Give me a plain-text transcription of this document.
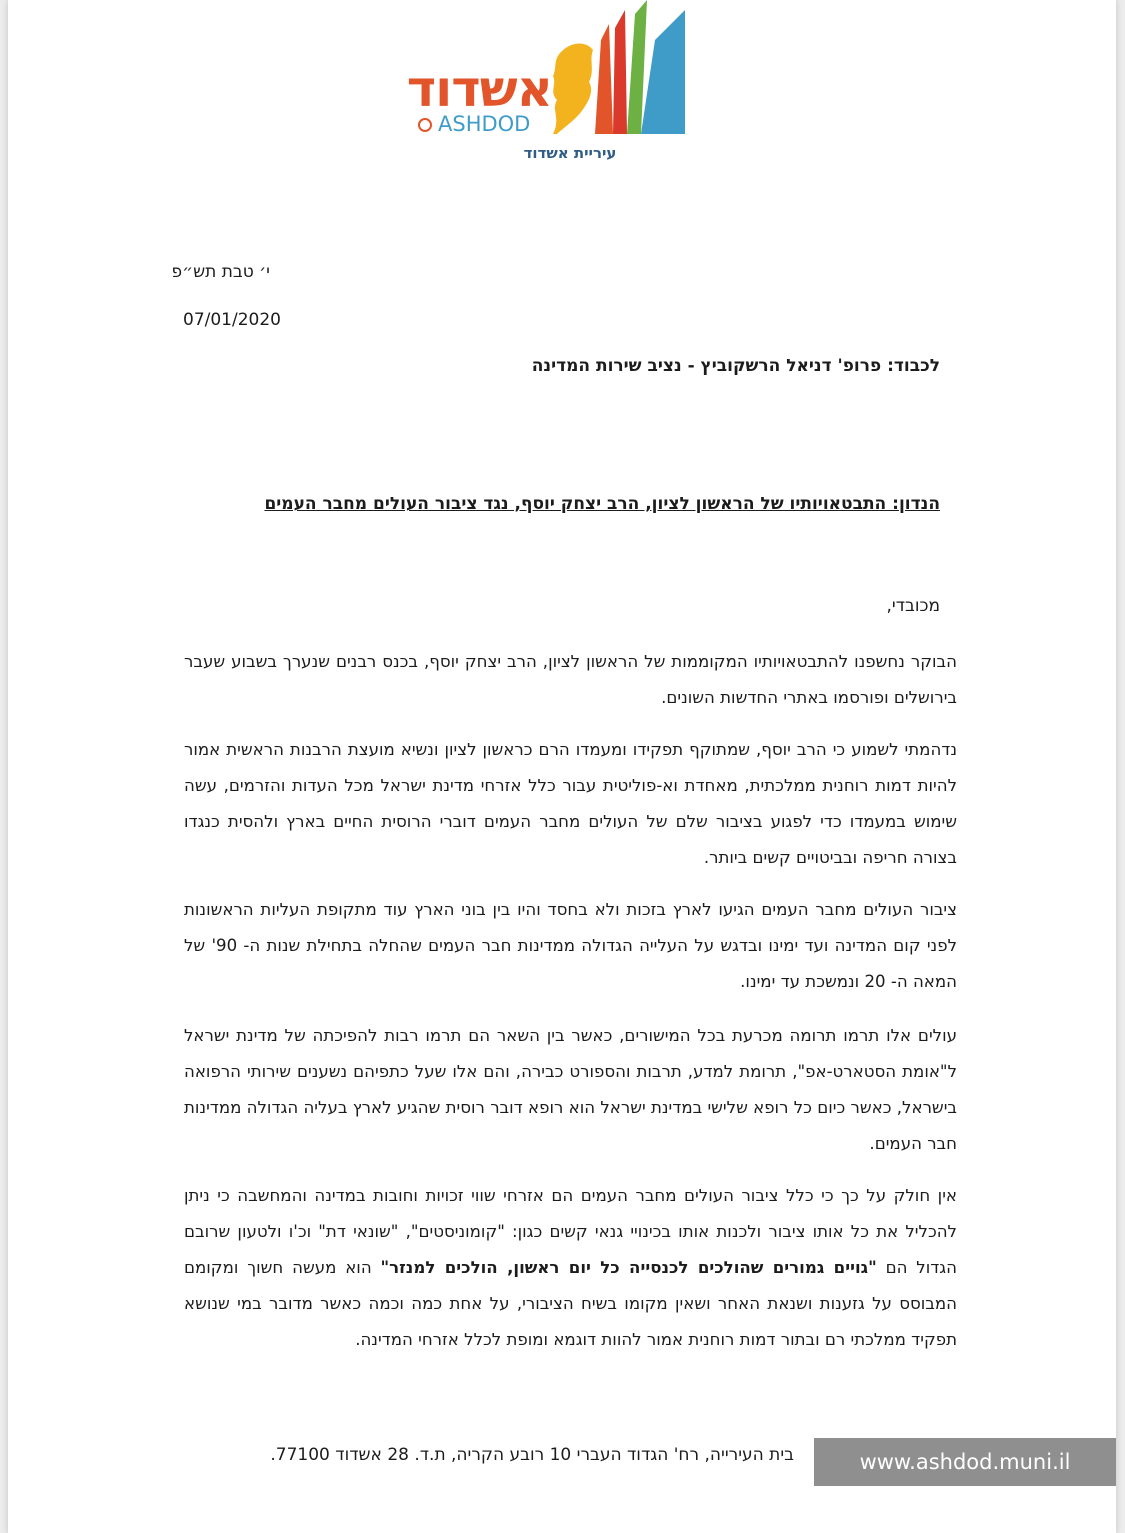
אשדוד
ASHDOD
עיריית אשדוד
י׳ טבת תש״פ
07/01/2020
לכבוד: פרופ' דניאל הרשקוביץ - נציב שירות המדינה
הנדון: התבטאויותיו של הראשון לציון, הרב יצחק יוסף, נגד ציבור העולים מחבר העמים
מכובדי,
הבוקר נחשפנו להתבטאויותיו המקוממות של הראשון לציון, הרב יצחק יוסף, בכנס רבנים שנערך בשבוע שעבר בירושלים ופורסמו באתרי החדשות השונים.
נדהמתי לשמוע כי הרב יוסף, שמתוקף תפקידו ומעמדו הרם כראשון לציון ונשיא מועצת הרבנות הראשית אמור להיות דמות רוחנית ממלכתית, מאחדת וא-פוליטית עבור כלל אזרחי מדינת ישראל מכל העדות והזרמים, עשה שימוש במעמדו כדי לפגוע בציבור שלם של העולים מחבר העמים דוברי הרוסית החיים בארץ ולהסית כנגדו בצורה חריפה ובביטויים קשים ביותר.
ציבור העולים מחבר העמים הגיעו לארץ בזכות ולא בחסד והיו בין בוני הארץ עוד מתקופת העליות הראשונות לפני קום המדינה ועד ימינו ובדגש על העלייה הגדולה ממדינות חבר העמים שהחלה בתחילת שנות ה- 90' של המאה ה- 20 ונמשכת עד ימינו.
עולים אלו תרמו תרומה מכרעת בכל המישורים, כאשר בין השאר הם תרמו רבות להפיכתה של מדינת ישראל ל"אומת הסטארט-אפ", תרומת למדע, תרבות והספורט כבירה, והם אלו שעל כתפיהם נשענים שירותי הרפואה בישראל, כאשר כיום כל רופא שלישי במדינת ישראל הוא רופא דובר רוסית שהגיע לארץ בעליה הגדולה ממדינות חבר העמים.
אין חולק על כך כי כלל ציבור העולים מחבר העמים הם אזרחי שווי זכויות וחובות במדינה והמחשבה כי ניתן להכליל את כל אותו ציבור ולכנות אותו בכינויי גנאי קשים כגון: "קומוניסטים", "שונאי דת" וכ'ו ולטעון שרובם הגדול הם "גויים גמורים שהולכים לכנסייה כל יום ראשון, הולכים למנזר" הוא מעשה חשוך ומקומם המבוסס על גזענות ושנאת האחר ושאין מקומו בשיח הציבורי, על אחת כמה וכמה כאשר מדובר במי שנושא תפקיד ממלכתי רם ובתור דמות רוחנית אמור להוות דוגמא ומופת לכלל אזרחי המדינה.
בית העירייה, רח' הגדוד העברי 10 רובע הקריה, ת.ד. 28 אשדוד 77100.	www.ashdod.muni.il
